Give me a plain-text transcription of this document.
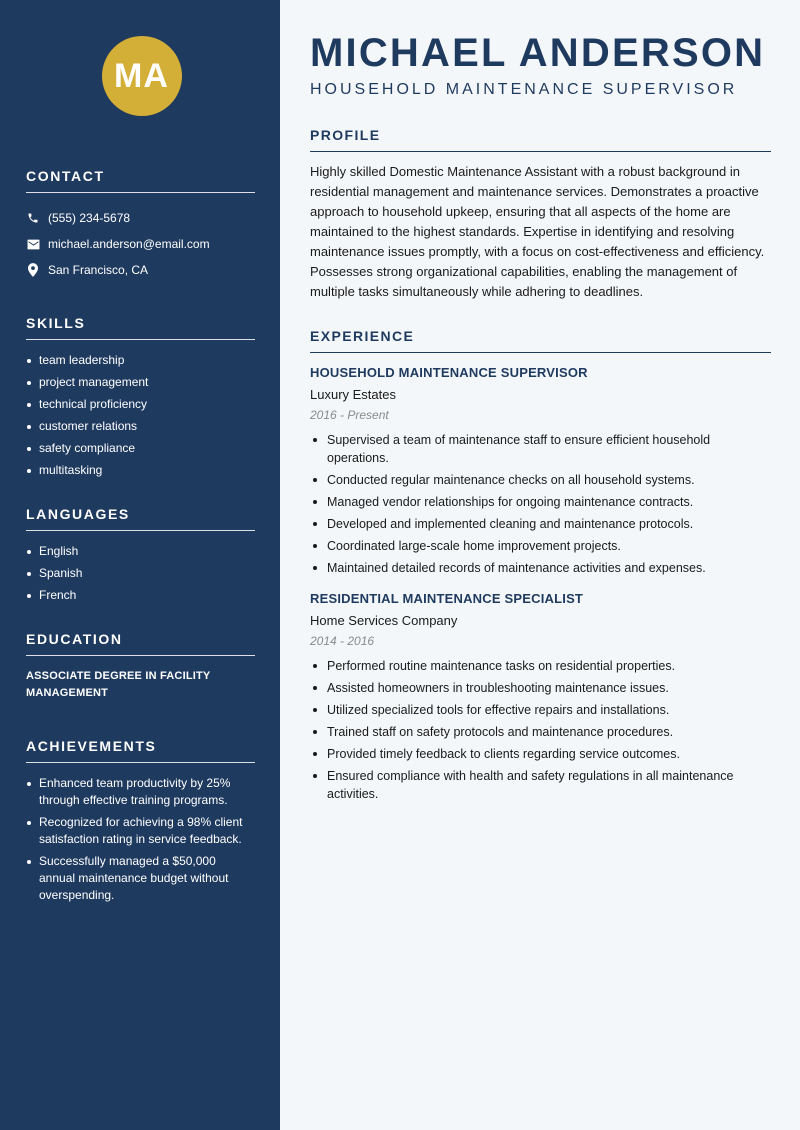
MA
CONTACT
(555) 234-5678
michael.anderson@email.com
San Francisco, CA
SKILLS
team leadership
project management
technical proficiency
customer relations
safety compliance
multitasking
LANGUAGES
English
Spanish
French
EDUCATION
ASSOCIATE DEGREE IN FACILITY MANAGEMENT
ACHIEVEMENTS
Enhanced team productivity by 25% through effective training programs.
Recognized for achieving a 98% client satisfaction rating in service feedback.
Successfully managed a $50,000 annual maintenance budget without overspending.
MICHAEL ANDERSON
HOUSEHOLD MAINTENANCE SUPERVISOR
PROFILE

Highly skilled Domestic Maintenance Assistant with a robust background in residential management and maintenance services. Demonstrates a proactive approach to household upkeep, ensuring that all aspects of the home are maintained to the highest standards. Expertise in identifying and resolving maintenance issues promptly, with a focus on cost-effectiveness and efficiency. Possesses strong organizational capabilities, enabling the management of multiple tasks simultaneously while adhering to deadlines.

EXPERIENCE
HOUSEHOLD MAINTENANCE SUPERVISOR
Luxury Estates
2016 - Present
Supervised a team of maintenance staff to ensure efficient household operations.
Conducted regular maintenance checks on all household systems.
Managed vendor relationships for ongoing maintenance contracts.
Developed and implemented cleaning and maintenance protocols.
Coordinated large-scale home improvement projects.
Maintained detailed records of maintenance activities and expenses.
RESIDENTIAL MAINTENANCE SPECIALIST
Home Services Company
2014 - 2016
Performed routine maintenance tasks on residential properties.
Assisted homeowners in troubleshooting maintenance issues.
Utilized specialized tools for effective repairs and installations.
Trained staff on safety protocols and maintenance procedures.
Provided timely feedback to clients regarding service outcomes.
Ensured compliance with health and safety regulations in all maintenance activities.
